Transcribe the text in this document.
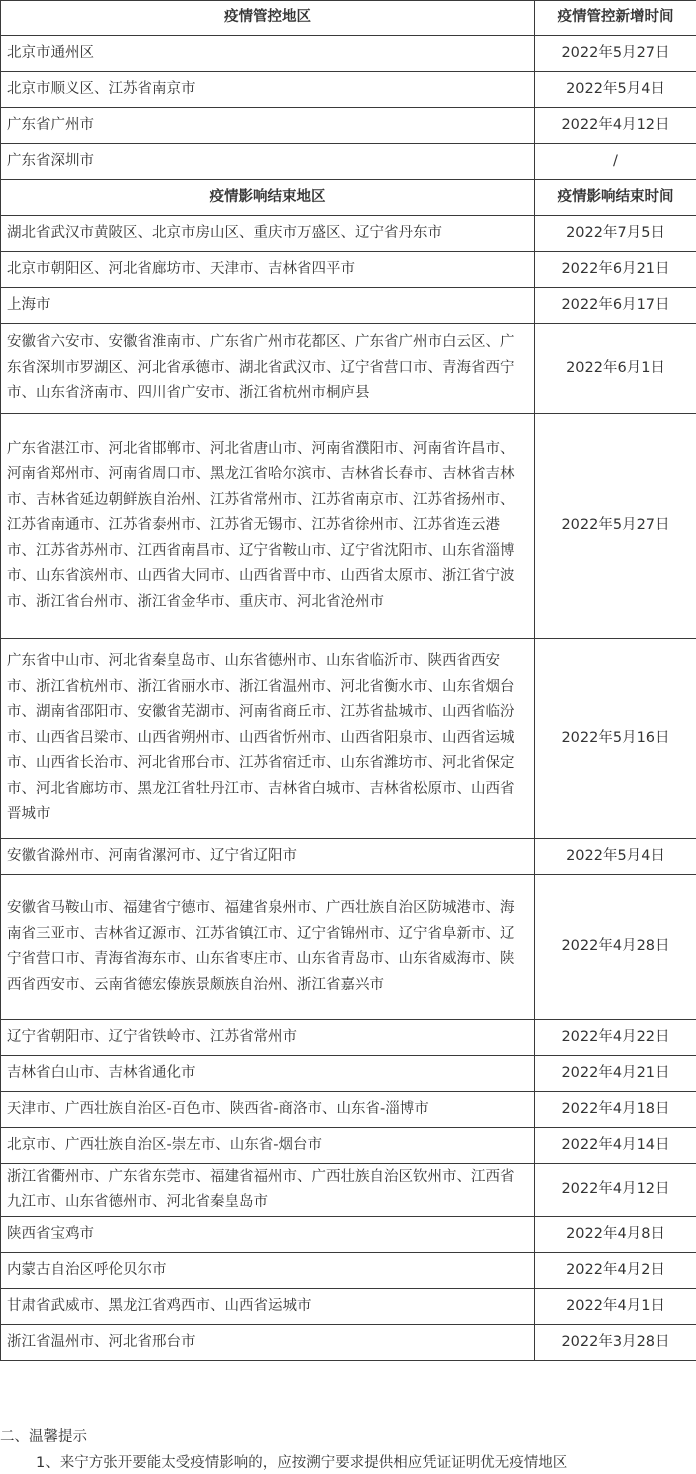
疫情管控地区	疫情管控新增时间
北京市通州区	2022年5月27日
北京市顺义区、江苏省南京市	2022年5月4日
广东省广州市	2022年4月12日
广东省深圳市	/
疫情影响结束地区	疫情影响结束时间
湖北省武汉市黄陂区、北京市房山区、重庆市万盛区、辽宁省丹东市	2022年7月5日
北京市朝阳区、河北省廊坊市、天津市、吉林省四平市	2022年6月21日
上海市	2022年6月17日
安徽省六安市、安徽省淮南市、广东省广州市花都区、广东省广州市白云区、广东省深圳市罗湖区、河北省承德市、湖北省武汉市、辽宁省营口市、青海省西宁市、山东省济南市、四川省广安市、浙江省杭州市桐庐县	2022年6月1日
广东省湛江市、河北省邯郸市、河北省唐山市、河南省濮阳市、河南省许昌市、河南省郑州市、河南省周口市、黑龙江省哈尔滨市、吉林省长春市、吉林省吉林市、吉林省延边朝鲜族自治州、江苏省常州市、江苏省南京市、江苏省扬州市、江苏省南通市、江苏省泰州市、江苏省无锡市、江苏省徐州市、江苏省连云港市、江苏省苏州市、江西省南昌市、辽宁省鞍山市、辽宁省沈阳市、山东省淄博市、山东省滨州市、山西省大同市、山西省晋中市、山西省太原市、浙江省宁波市、浙江省台州市、浙江省金华市、重庆市、河北省沧州市	2022年5月27日
广东省中山市、河北省秦皇岛市、山东省德州市、山东省临沂市、陕西省西安市、浙江省杭州市、浙江省丽水市、浙江省温州市、河北省衡水市、山东省烟台市、湖南省邵阳市、安徽省芜湖市、河南省商丘市、江苏省盐城市、山西省临汾市、山西省吕梁市、山西省朔州市、山西省忻州市、山西省阳泉市、山西省运城市、山西省长治市、河北省邢台市、江苏省宿迁市、山东省潍坊市、河北省保定市、河北省廊坊市、黑龙江省牡丹江市、吉林省白城市、吉林省松原市、山西省晋城市	2022年5月16日
安徽省滁州市、河南省漯河市、辽宁省辽阳市	2022年5月4日
安徽省马鞍山市、福建省宁德市、福建省泉州市、广西壮族自治区防城港市、海南省三亚市、吉林省辽源市、江苏省镇江市、辽宁省锦州市、辽宁省阜新市、辽宁省营口市、青海省海东市、山东省枣庄市、山东省青岛市、山东省威海市、陕西省西安市、云南省德宏傣族景颇族自治州、浙江省嘉兴市	2022年4月28日
辽宁省朝阳市、辽宁省铁岭市、江苏省常州市	2022年4月22日
吉林省白山市、吉林省通化市	2022年4月21日
天津市、广西壮族自治区-百色市、陕西省-商洛市、山东省-淄博市	2022年4月18日
北京市、广西壮族自治区-崇左市、山东省-烟台市	2022年4月14日
浙江省衢州市、广东省东莞市、福建省福州市、广西壮族自治区钦州市、江西省九江市、山东省德州市、河北省秦皇岛市	2022年4月12日
陕西省宝鸡市	2022年4月8日
内蒙古自治区呼伦贝尔市	2022年4月2日
甘肃省武威市、黑龙江省鸡西市、山西省运城市	2022年4月1日
浙江省温州市、河北省邢台市	2022年3月28日

二、温馨提示

1、来宁方张开要能太受疫情影响的，应按溯宁要求提供相应凭证证明优无疫情地区
